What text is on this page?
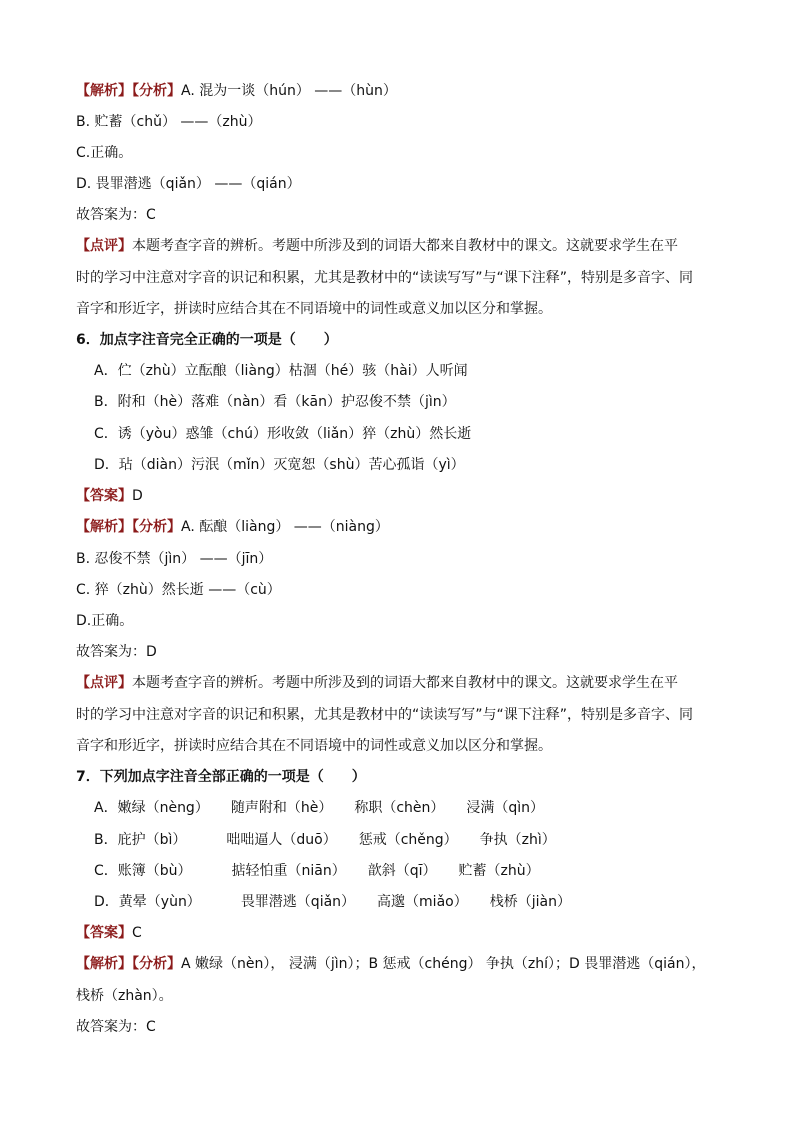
【解析】【分析】A. 混为一谈（hún） ——（hùn）
B. 贮蓄（chǔ） ——（zhù）
C.正确。
D. 畏罪潜逃（qiǎn） ——（qián）
故答案为：C
【点评】本题考查字音的辨析。考题中所涉及到的词语大都来自教材中的课文。这就要求学生在平
时的学习中注意对字音的识记和积累，尤其是教材中的“读读写写”与“课下注释”，特别是多音字、同
音字和形近字，拼读时应结合其在不同语境中的词性或意义加以区分和掌握。
6．加点字注音完全正确的一项是（　　）
A．伫（zhù）立酝酿（liàng）枯涸（hé）骇（hài）人听闻
B．附和（hè）落难（nàn）看（kān）护忍俊不禁（jìn）
C．诱（yòu）惑雏（chú）形收敛（liǎn）猝（zhù）然长逝
D．玷（diàn）污泯（mǐn）灭宽恕（shù）苦心孤诣（yì）
【答案】D
【解析】【分析】A. 酝酿（liàng） ——（niàng）
B. 忍俊不禁（jìn） ——（jīn）
C. 猝（zhù）然长逝 ——（cù）
D.正确。
故答案为：D
【点评】本题考查字音的辨析。考题中所涉及到的词语大都来自教材中的课文。这就要求学生在平
时的学习中注意对字音的识记和积累，尤其是教材中的“读读写写”与“课下注释”，特别是多音字、同
音字和形近字，拼读时应结合其在不同语境中的词性或意义加以区分和掌握。
7．下列加点字注音全部正确的一项是（　　）
A．嫩绿（nèng） 随声附和（hè） 称职（chèn） 浸满（qìn）
B．庇护（bì）	咄咄逼人（duō） 惩戒（chěng） 争执（zhì）
C．账簿（bù）	掂轻怕重（niān） 歆斜（qī） 贮蓄（zhù）
D．黄晕（yùn）	畏罪潜逃（qiǎn） 高邈（miǎo） 栈桥（jiàn）
【答案】C
【解析】【分析】A 嫩绿（nèn）， 浸满（jìn）；B 惩戒（chéng） 争执（zhí）；D 畏罪潜逃（qián），
栈桥（zhàn）。
故答案为：C
